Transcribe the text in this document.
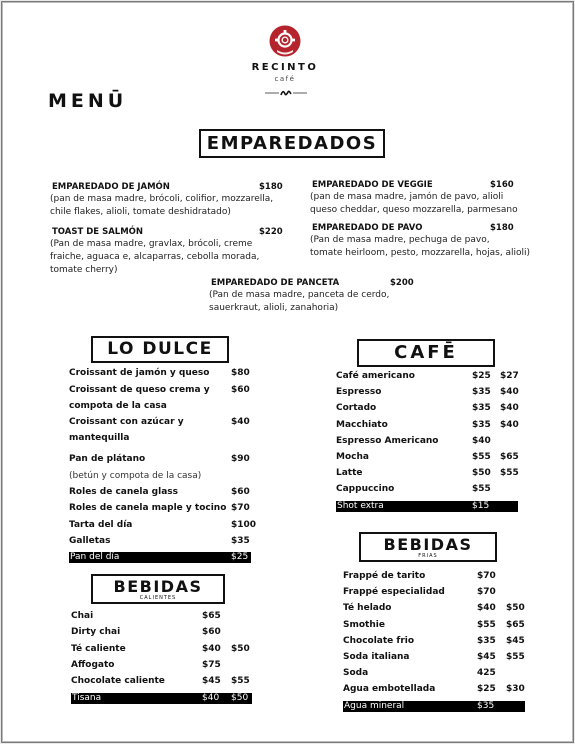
RECINTO
café
MENŪ
EMPAREDADOS
EMPAREDADO DE JAMÓN	$180
(pan de masa madre, brócoli, colifior, mozzarella,
chile flakes, alioli, tomate deshidratado)
TOAST DE SALMÓN	$220
(Pan de masa madre, gravlax, brócoli, creme
fraiche, aguaca e, alcaparras, cebolla morada,
tomate cherry)
EMPAREDADO DE VEGGIE	$160
(pan de masa madre, jamón de pavo, alioli
queso cheddar, queso mozzarella, parmesano
EMPAREDADO DE PAVO	$180
(Pan de masa madre, pechuga de pavo,
tomate heirloom, pesto, mozzarella, hojas, alioli)
EMPAREDADO DE PANCETA	$200
(Pan de masa madre, panceta de cerdo,
sauerkraut, alioli, zanahoria)
LO DULCE
Croissant de jamón y queso $80
Croissant de queso crema y $60
compota de la casa
Croissant con azúcar y	$40
mantequilla
Pan de plátano	$90
(betún y compota de la casa)
Roles de canela glass	$60
Roles de canela maple y tocino $70
Tarta del día	$100
Galletas	$35
Pan del día	$25
CAFĒ
Café americano	$25 $27
Espresso	$35 $40
Cortado	$35 $40
Macchiato	$35 $40
Espresso Americano	$40
Mocha	$55 $65
Latte	$50 $55
Cappuccino	$55
Shot extra	$15
BEBIDAS
CALIENTES
Chai	$65
Dirty chai	$60
Té caliente	$40 $50
Affogato	$75
Chocolate caliente	$45 $55
Tisana	$40 $50
BEBIDAS
FRIAS
Frappé de tarito	$70
Frappé especialidad	$70
Té helado	$40 $50
Smothie	$55 $65
Chocolate frio	$35 $45
Soda italiana	$45 $55
Soda	425
Agua embotellada	$25 $30
Agua mineral	$35
